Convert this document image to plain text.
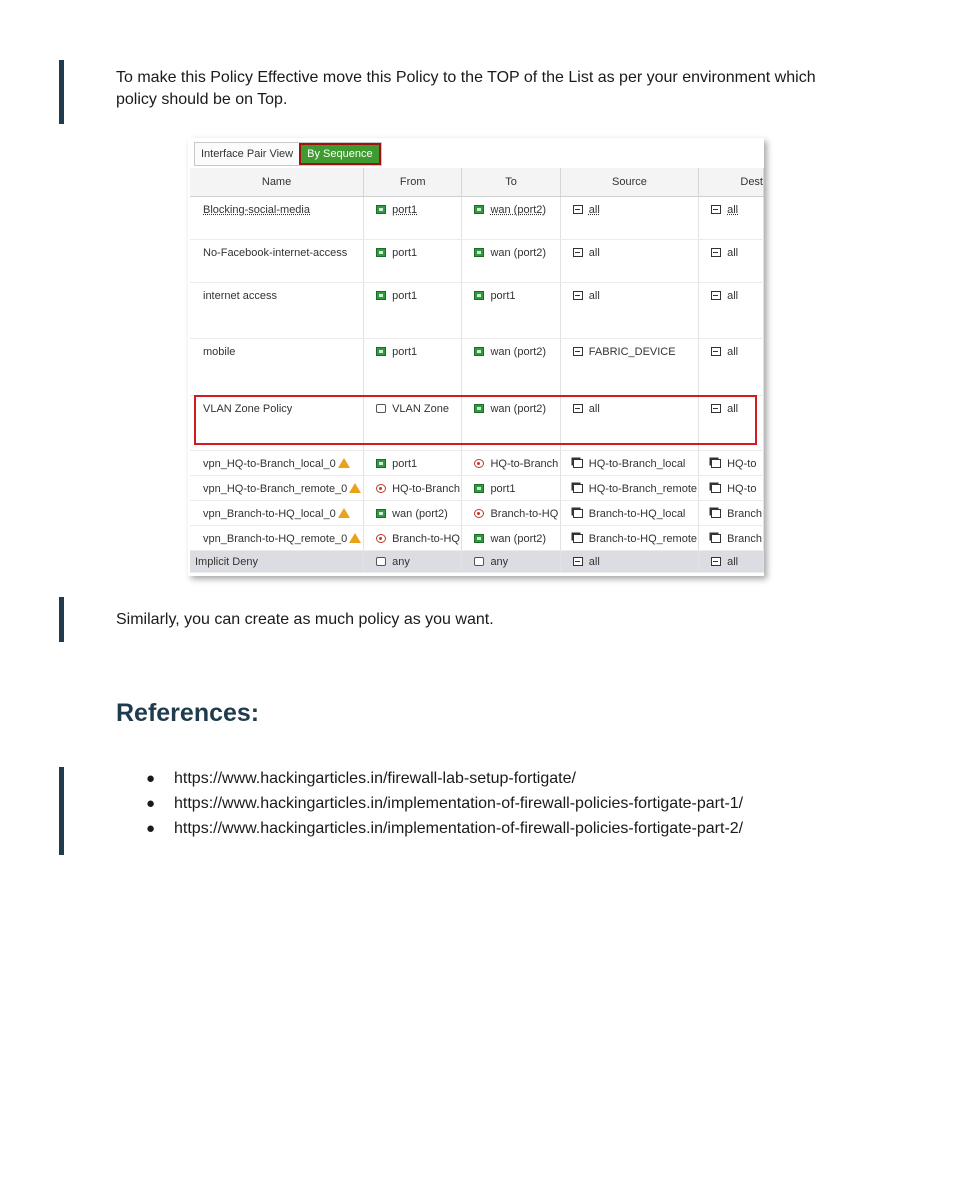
To make this Policy Effective move this Policy to the TOP of the List as per your environment which policy should be on Top.

Interface Pair View	By Sequence
Name	From	To	Source	Dest
Blocking-social-media	port1	wan (port2)	all	all
No-Facebook-internet-access	port1	wan (port2)	all	all
internet access	port1	port1	all	all
mobile	port1	wan (port2)	FABRIC_DEVICE	all
VLAN Zone Policy	VLAN Zone	wan (port2)	all	all
vpn_HQ-to-Branch_local_0	port1	HQ-to-Branch	HQ-to-Branch_local	HQ-to
vpn_HQ-to-Branch_remote_0	HQ-to-Branch	port1	HQ-to-Branch_remote	HQ-to
vpn_Branch-to-HQ_local_0	wan (port2)	Branch-to-HQ	Branch-to-HQ_local	Branch
vpn_Branch-to-HQ_remote_0	Branch-to-HQ	wan (port2)	Branch-to-HQ_remote	Branch
Implicit Deny	any	any	all	all

Similarly, you can create as much policy as you want.

References:
● https://www.hackingarticles.in/firewall-lab-setup-fortigate/
● https://www.hackingarticles.in/implementation-of-firewall-policies-fortigate-part-1/
● https://www.hackingarticles.in/implementation-of-firewall-policies-fortigate-part-2/
